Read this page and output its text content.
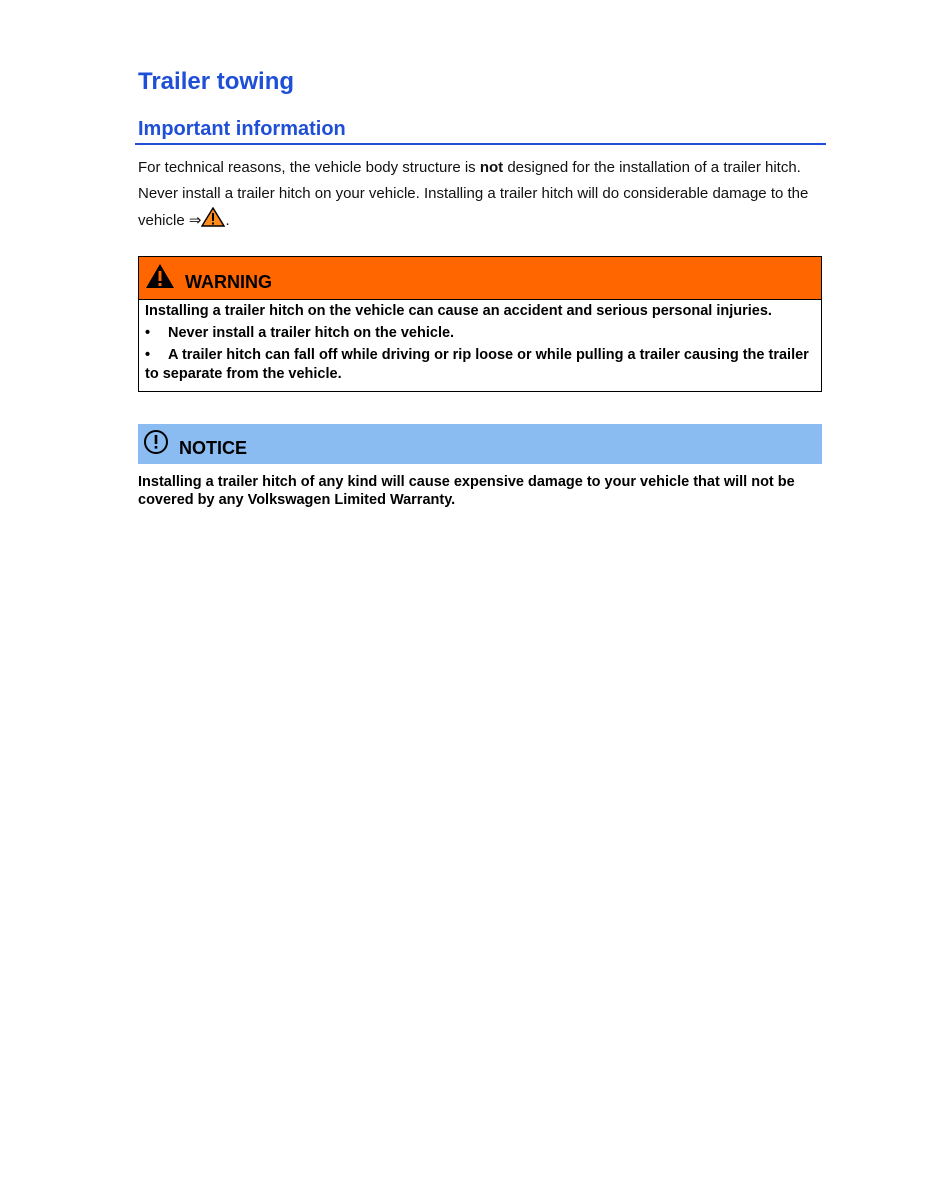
Trailer towing
Important information
For technical reasons, the vehicle body structure is not designed for the installation of a trailer hitch.
Never install a trailer hitch on your vehicle. Installing a trailer hitch will do considerable damage to the
vehicle ⇒ .
WARNING

Installing a trailer hitch on the vehicle can cause an accident and serious personal injuries.

• Never install a trailer hitch on the vehicle.

• A trailer hitch can fall off while driving or rip loose or while pulling a trailer causing the trailer to separate from the vehicle.

NOTICE
Installing a trailer hitch of any kind will cause expensive damage to your vehicle that will not be covered by any Volkswagen Limited Warranty.
